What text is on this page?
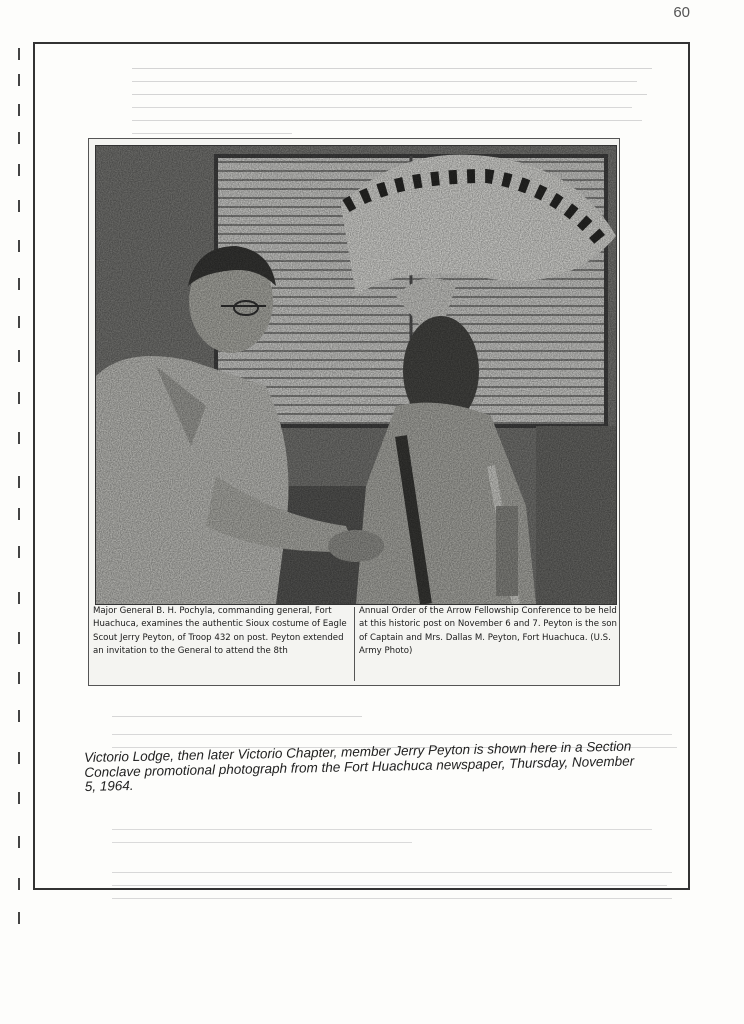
60

Major General B. H. Pochyla, commanding general, Fort Huachuca, examines the authentic Sioux costume of Eagle Scout Jerry Peyton, of Troop 432 on post. Peyton extended an invitation to the General to attend the 8th
Annual Order of the Arrow Fellowship Conference to be held at this historic post on November 6 and 7. Peyton is the son of Captain and Mrs. Dallas M. Peyton, Fort Huachuca. (U.S. Army Photo)
Victorio Lodge, then later Victorio Chapter, member Jerry Peyton is shown here in a Section Conclave promotional photograph from the Fort Huachuca newspaper, Thursday, November 5, 1964.
